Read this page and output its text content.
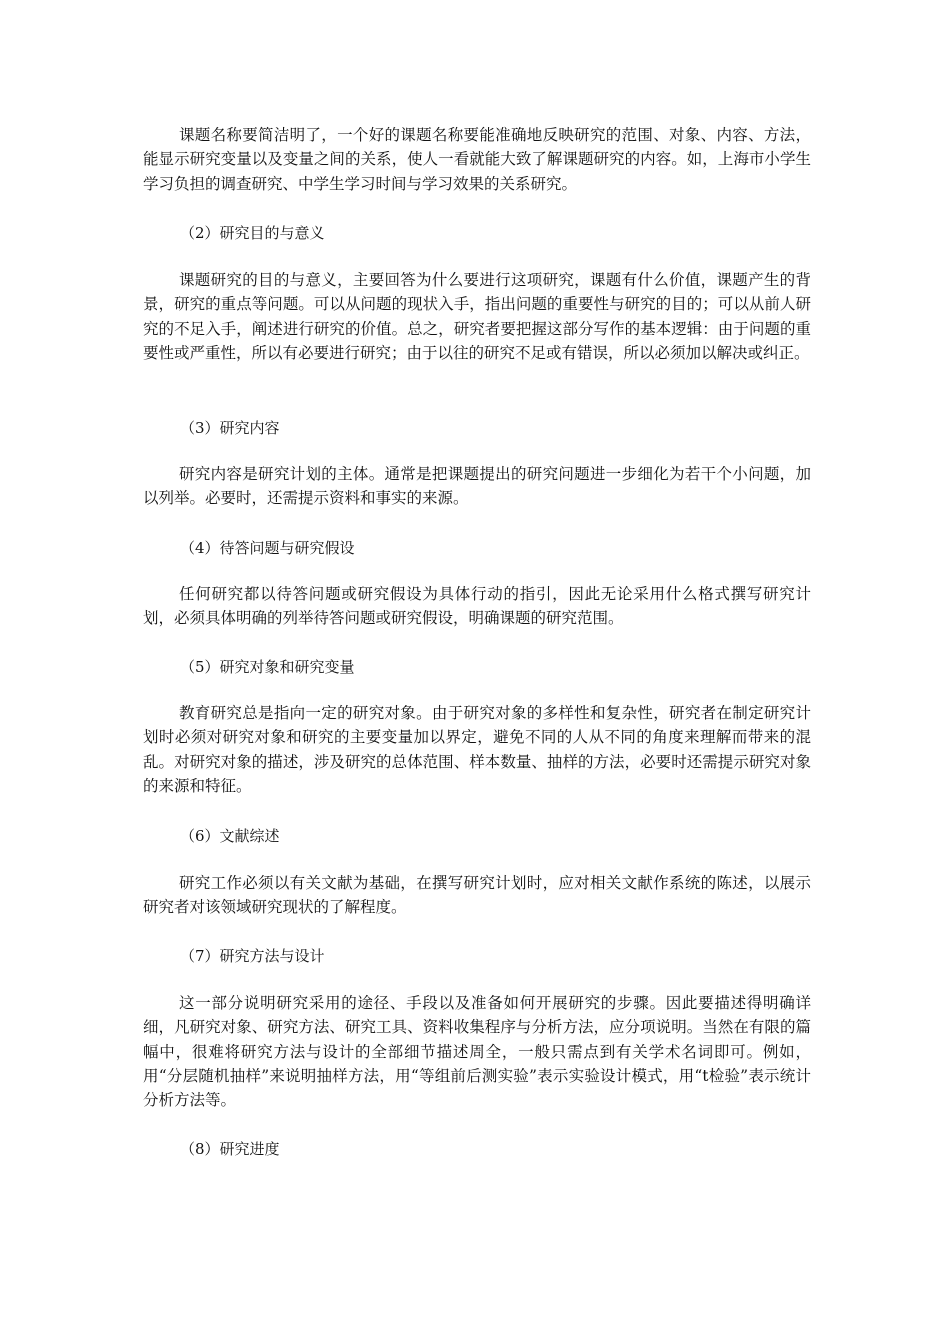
课题名称要简洁明了，一个好的课题名称要能准确地反映研究的范围、对象、内容、方法，能显示研究变量以及变量之间的关系，使人一看就能大致了解课题研究的内容。如，上海市小学生学习负担的调查研究、中学生学习时间与学习效果的关系研究。

（2）研究目的与意义

课题研究的目的与意义，主要回答为什么要进行这项研究，课题有什么价值，课题产生的背景，研究的重点等问题。可以从问题的现状入手，指出问题的重要性与研究的目的；可以从前人研究的不足入手，阐述进行研究的价值。总之，研究者要把握这部分写作的基本逻辑：由于问题的重要性或严重性，所以有必要进行研究；由于以往的研究不足或有错误，所以必须加以解决或纠正。

（3）研究内容

研究内容是研究计划的主体。通常是把课题提出的研究问题进一步细化为若干个小问题，加以列举。必要时，还需提示资料和事实的来源。

（4）待答问题与研究假设

任何研究都以待答问题或研究假设为具体行动的指引，因此无论采用什么格式撰写研究计划，必须具体明确的列举待答问题或研究假设，明确课题的研究范围。

（5）研究对象和研究变量

教育研究总是指向一定的研究对象。由于研究对象的多样性和复杂性，研究者在制定研究计划时必须对研究对象和研究的主要变量加以界定，避免不同的人从不同的角度来理解而带来的混乱。对研究对象的描述，涉及研究的总体范围、样本数量、抽样的方法，必要时还需提示研究对象的来源和特征。

（6）文献综述

研究工作必须以有关文献为基础，在撰写研究计划时，应对相关文献作系统的陈述，以展示研究者对该领域研究现状的了解程度。

（7）研究方法与设计

这一部分说明研究采用的途径、手段以及准备如何开展研究的步骤。因此要描述得明确详细，凡研究对象、研究方法、研究工具、资料收集程序与分析方法，应分项说明。当然在有限的篇幅中，很难将研究方法与设计的全部细节描述周全，一般只需点到有关学术名词即可。例如，用“分层随机抽样”来说明抽样方法，用“等组前后测实验”表示实验设计模式，用“t检验”表示统计分析方法等。

（8）研究进度
